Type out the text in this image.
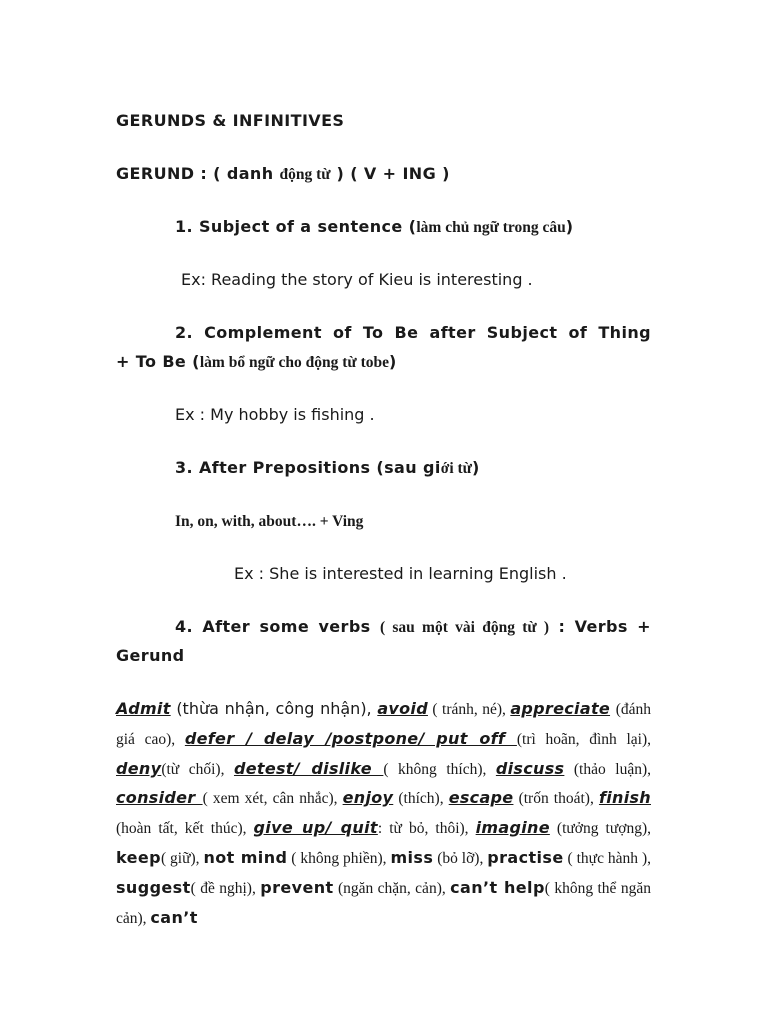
GERUNDS & INFINITIVES
GERUND : ( danh động từ ) ( V + ING )
1. Subject of a sentence (làm chủ ngữ trong câu)
Ex: Reading the story of Kieu is interesting .
2. Complement of To Be after Subject of Thing
+ To Be (làm bổ ngữ cho động từ tobe)
Ex : My hobby is fishing .
3. After Prepositions (sau giới từ)
In, on, with, about…. + Ving
Ex : She is interested in learning English .
4. After some verbs ( sau một vài động từ ) : Verbs +
Gerund
Admit (thừa nhận, công nhận), avoid ( tránh, né), appreciate (đánh giá cao), defer / delay /postpone/ put off (trì hoãn, đình lại), deny(từ chối), detest/ dislike ( không thích), discuss (thảo luận), consider ( xem xét, cân nhắc), enjoy (thích), escape (trốn thoát), finish (hoàn tất, kết thúc), give up/ quit: từ bỏ, thôi), imagine (tưởng tượng), keep( giữ), not mind ( không phiền), miss (bỏ lỡ), practise ( thực hành ), suggest( đề nghị), prevent (ngăn chặn, cản), can’t help( không thể ngăn cản), can’t
